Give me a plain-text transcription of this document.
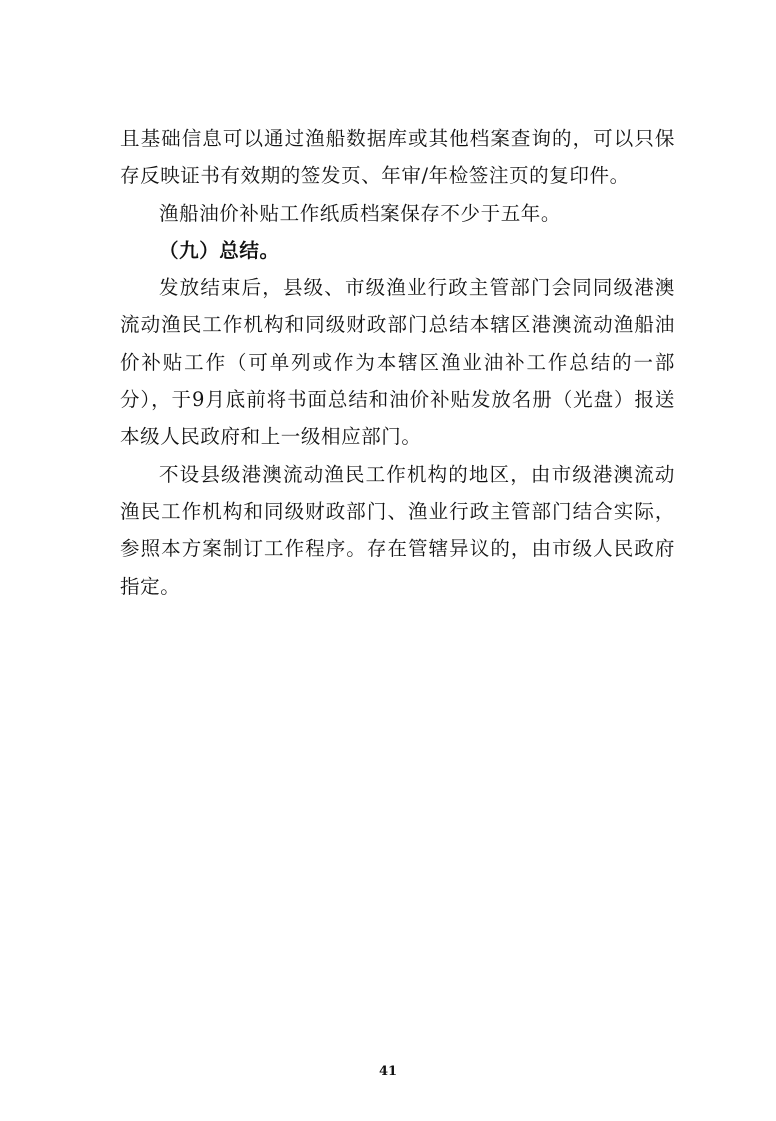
且基础信息可以通过渔船数据库或其他档案查询的，可以只保存反映证书有效期的签发页、年审/年检签注页的复印件。

渔船油价补贴工作纸质档案保存不少于五年。

（九）总结。

发放结束后，县级、市级渔业行政主管部门会同同级港澳流动渔民工作机构和同级财政部门总结本辖区港澳流动渔船油价补贴工作（可单列或作为本辖区渔业油补工作总结的一部分），于9月底前将书面总结和油价补贴发放名册（光盘）报送本级人民政府和上一级相应部门。

不设县级港澳流动渔民工作机构的地区，由市级港澳流动渔民工作机构和同级财政部门、渔业行政主管部门结合实际，参照本方案制订工作程序。存在管辖异议的，由市级人民政府指定。

41
